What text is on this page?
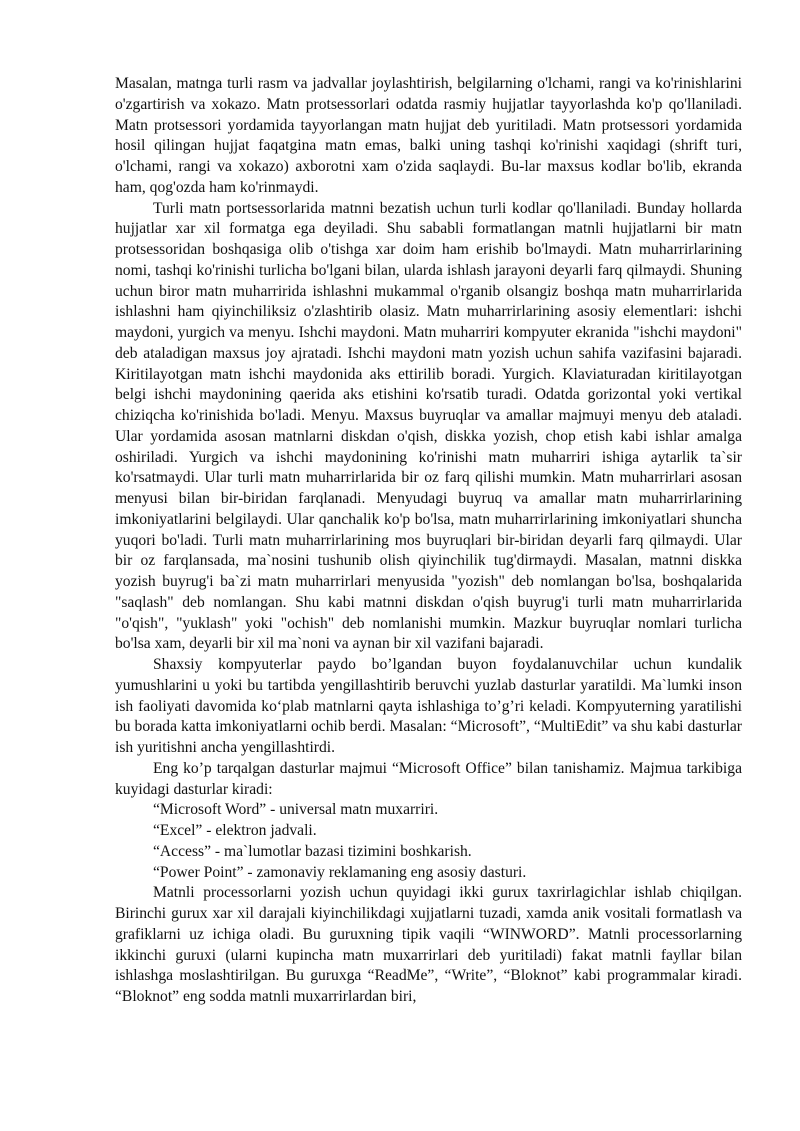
Masalan, matnga turli rasm va jadvallar joylashtirish, belgilarning o'lchami, rangi va ko'rinishlarini o'zgartirish va xokazo. Matn protsessorlari odatda rasmiy hujjatlar tayyorlashda ko'p qo'llaniladi. Matn protsessori yordamida tayyorlangan matn hujjat deb yuritiladi. Matn protsessori yordamida hosil qilingan hujjat faqatgina matn emas, balki uning tashqi ko'rinishi xaqidagi (shrift turi, o'lchami, rangi va xokazo) axborotni xam o'zida saqlaydi. Bu-lar maxsus kodlar bo'lib, ekranda ham, qog'ozda ham ko'rinmaydi.

Turli matn portsessorlarida matnni bezatish uchun turli kodlar qo'llaniladi. Bunday hollarda hujjatlar xar xil formatga ega deyiladi. Shu sababli formatlangan matnli hujjatlarni bir matn protsessoridan boshqasiga olib o'tishga xar doim ham erishib bo'lmaydi. Matn muharrirlarining nomi, tashqi ko'rinishi turlicha bo'lgani bilan, ularda ishlash jarayoni deyarli farq qilmaydi. Shuning uchun biror matn muharririda ishlashni mukammal o'rganib olsangiz boshqa matn muharrirlarida ishlashni ham qiyinchiliksiz o'zlashtirib olasiz. Matn muharrirlarining asosiy elementlari: ishchi maydoni, yurgich va menyu. Ishchi maydoni. Matn muharriri kompyuter ekranida "ishchi maydoni" deb ataladigan maxsus joy ajratadi. Ishchi maydoni matn yozish uchun sahifa vazifasini bajaradi. Kiritilayotgan matn ishchi maydonida aks ettirilib boradi. Yurgich. Klaviaturadan kiritilayotgan belgi ishchi maydonining qaerida aks etishini ko'rsatib turadi. Odatda gorizontal yoki vertikal chiziqcha ko'rinishida bo'ladi. Menyu. Maxsus buyruqlar va amallar majmuyi menyu deb ataladi. Ular yordamida asosan matnlarni diskdan o'qish, diskka yozish, chop etish kabi ishlar amalga oshiriladi. Yurgich va ishchi maydonining ko'rinishi matn muharriri ishiga aytarlik ta`sir ko'rsatmaydi. Ular turli matn muharrirlarida bir oz farq qilishi mumkin. Matn muharrirlari asosan menyusi bilan bir-biridan farqlanadi. Menyudagi buyruq va amallar matn muharrirlarining imkoniyatlarini belgilaydi. Ular qanchalik ko'p bo'lsa, matn muharrirlarining imkoniyatlari shuncha yuqori bo'ladi. Turli matn muharrirlarining mos buyruqlari bir-biridan deyarli farq qilmaydi. Ular bir oz farqlansada, ma`nosini tushunib olish qiyinchilik tug'dirmaydi. Masalan, matnni diskka yozish buyrug'i ba`zi matn muharrirlari menyusida "yozish" deb nomlangan bo'lsa, boshqalarida "saqlash" deb nomlangan. Shu kabi matnni diskdan o'qish buyrug'i turli matn muharrirlarida "o'qish", "yuklash" yoki "ochish" deb nomlanishi mumkin. Mazkur buyruqlar nomlari turlicha bo'lsa xam, deyarli bir xil ma`noni va aynan bir xil vazifani bajaradi.

Shaxsiy kompyuterlar paydo bo’lgandan buyon foydalanuvchilar uchun kundalik yumushlarini u yoki bu tartibda yengillashtirib beruvchi yuzlab dasturlar yaratildi. Ma`lumki inson ish faoliyati davomida ko‘plab matnlarni qayta ishlashiga to’g’ri keladi. Kompyuterning yaratilishi bu borada katta imkoniyatlarni ochib berdi. Masalan: “Microsoft”, “MultiEdit” va shu kabi dasturlar ish yuritishni ancha yengillashtirdi.

Eng ko’p tarqalgan dasturlar majmui “Microsoft Office” bilan tanishamiz. Majmua tarkibiga kuyidagi dasturlar kiradi:

“Microsoft Word” - universal matn muxarriri.

“Excel” - elektron jadvali.

“Access” - ma`lumotlar bazasi tizimini boshkarish.

“Power Point” - zamonaviy reklamaning eng asosiy dasturi.

Matnli processorlarni yozish uchun quyidagi ikki gurux taxrirlagichlar ishlab chiqilgan. Birinchi gurux xar xil darajali kiyinchilikdagi xujjatlarni tuzadi, xamda anik vositali formatlash va grafiklarni uz ichiga oladi. Bu guruxning tipik vaqili “WINWORD”. Matnli processorlarning ikkinchi guruxi (ularni kupincha matn muxarrirlari deb yuritiladi) fakat matnli fayllar bilan ishlashga moslashtirilgan. Bu guruxga “ReadMe”, “Write”, “Bloknot” kabi programmalar kiradi. “Bloknot” eng sodda matnli muxarrirlardan biri,
